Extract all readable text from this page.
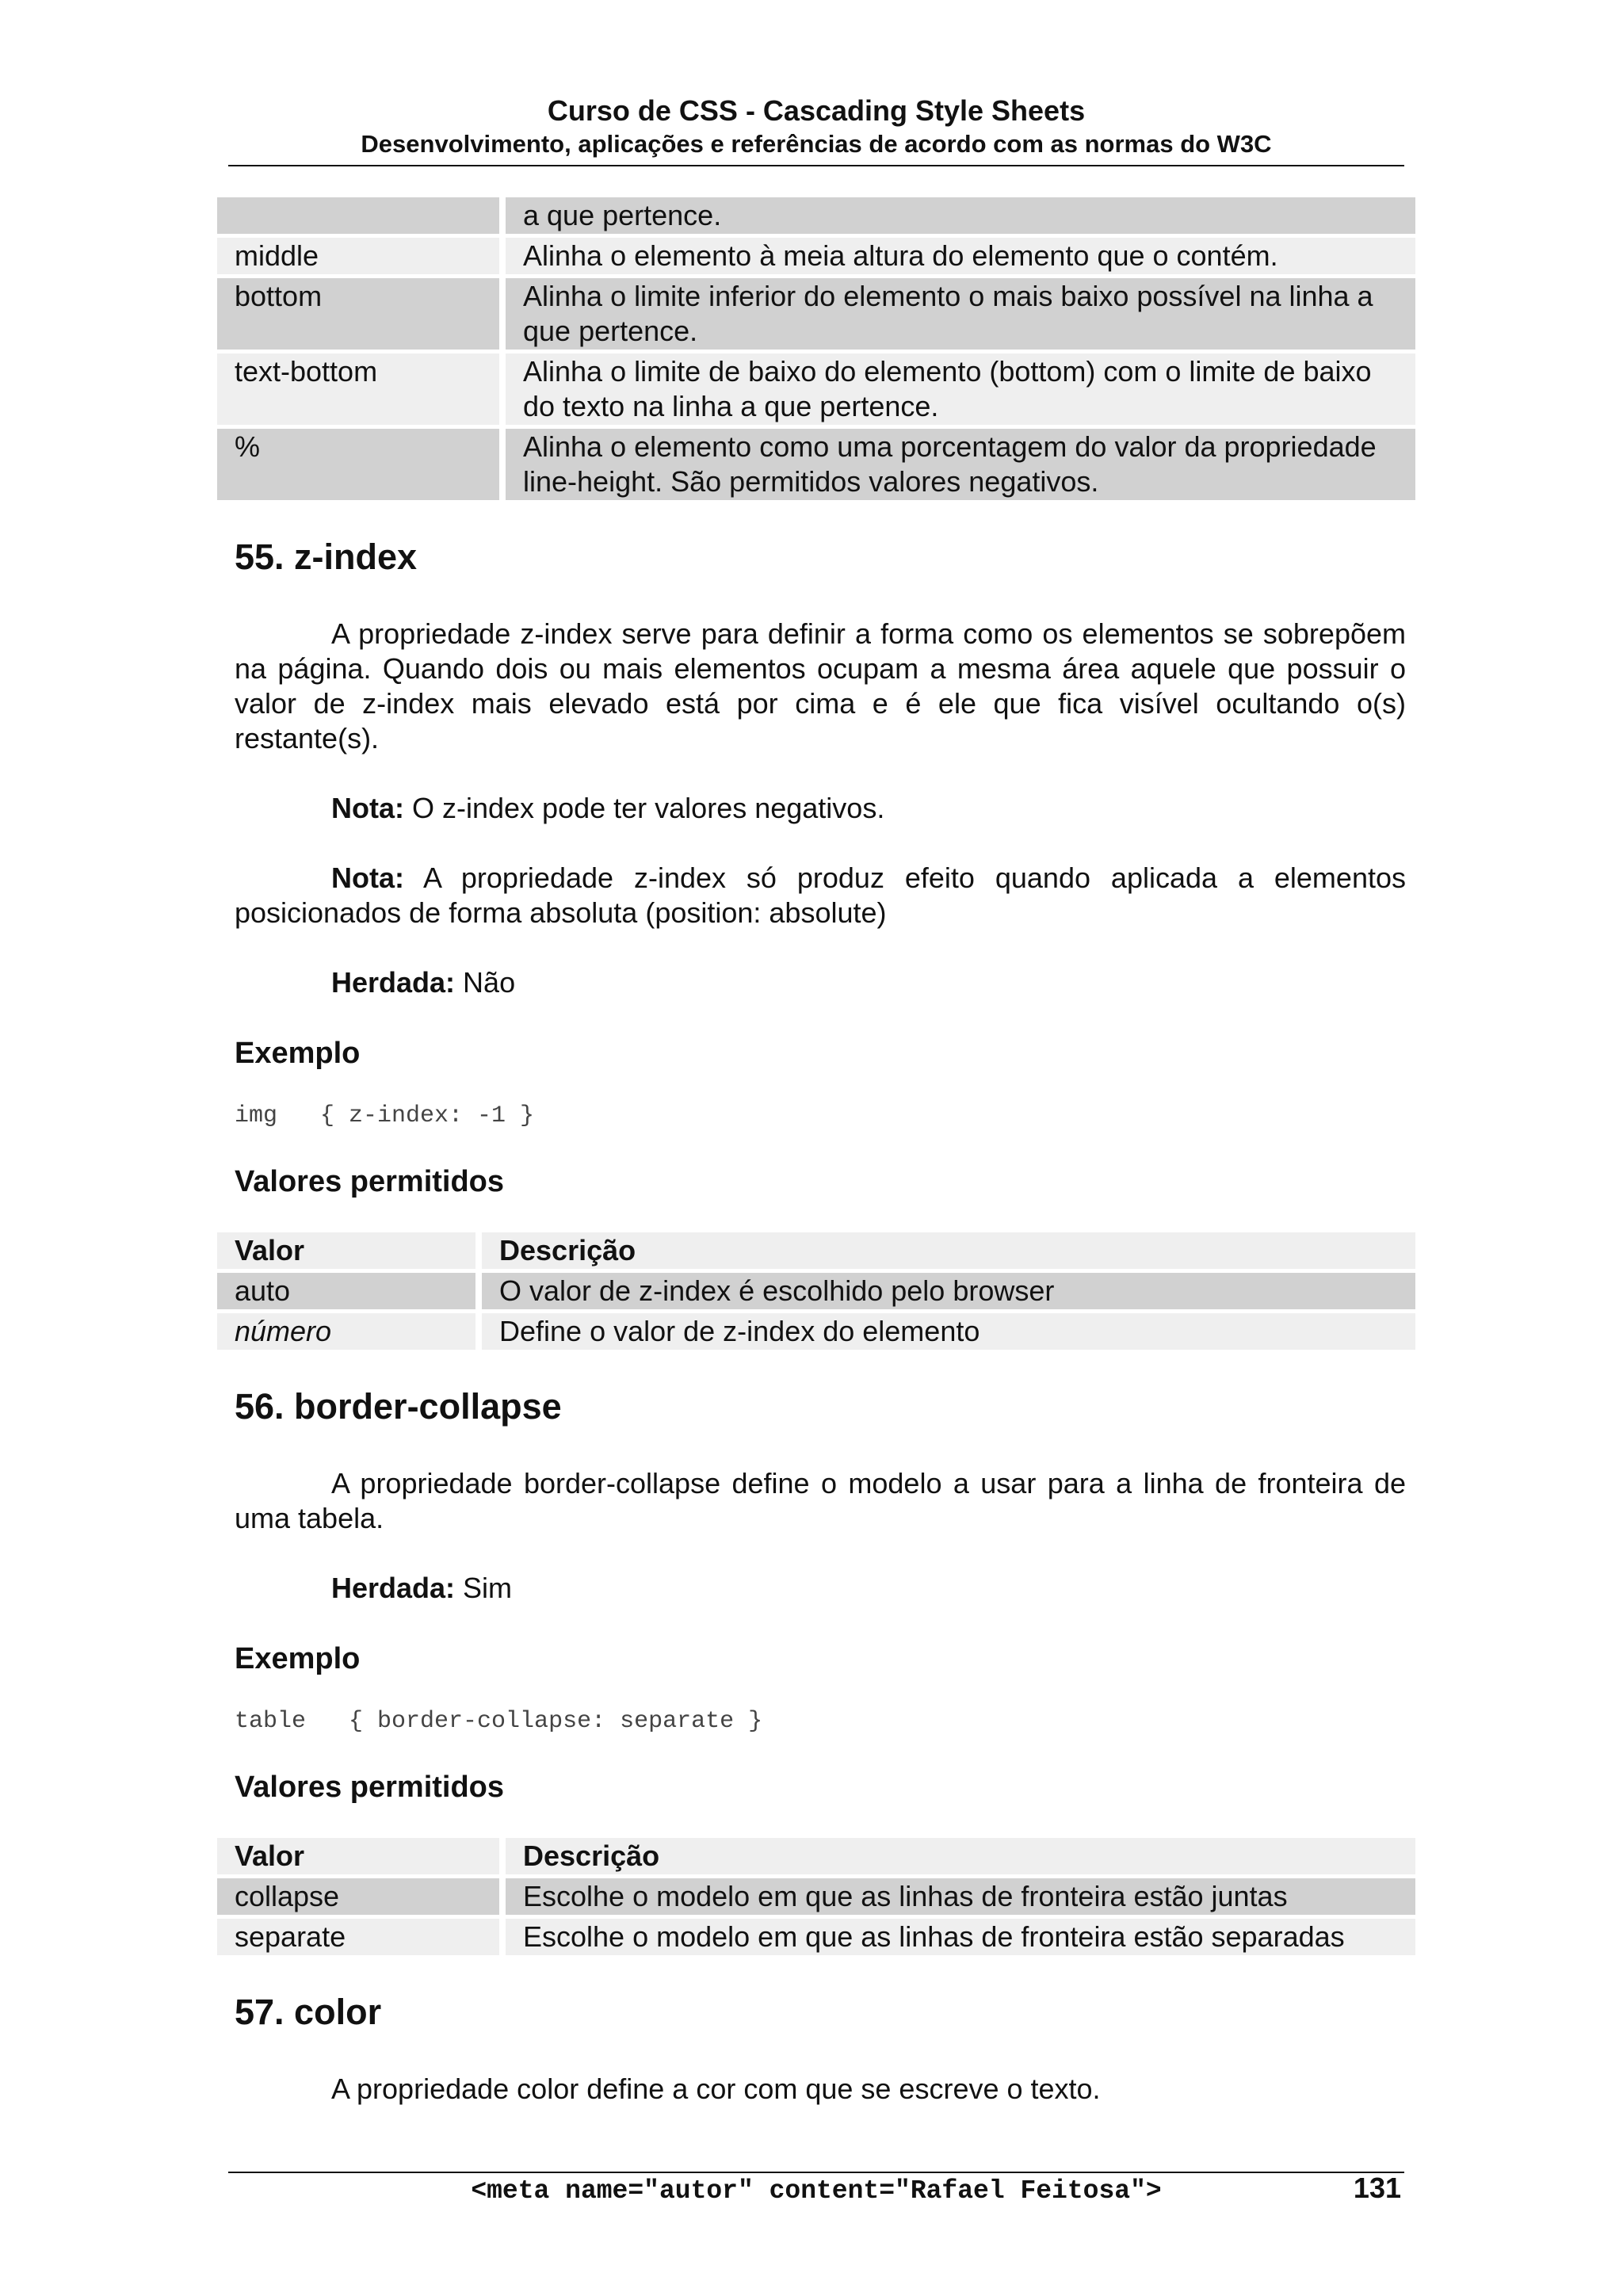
Curso de CSS - Cascading Style Sheets
Desenvolvimento, aplicações e referências de acordo com as normas do W3C
	a que pertence.
middle	Alinha o elemento à meia altura do elemento que o contém.
bottom	Alinha o limite inferior do elemento o mais baixo possível na linha a que pertence.
text-bottom	Alinha o limite de baixo do elemento (bottom) com o limite de baixo do texto na linha a que pertence.
%	Alinha o elemento como uma porcentagem do valor da propriedade line-height. São permitidos valores negativos.
55. z-index

A propriedade z-index serve para definir a forma como os elementos se sobrepõem na página. Quando dois ou mais elementos ocupam a mesma área aquele que possuir o valor de z-index mais elevado está por cima e é ele que fica visível ocultando o(s) restante(s).

Nota: O z-index pode ter valores negativos.

Nota: A propriedade z-index só produz efeito quando aplicada a elementos posicionados de forma absoluta (position: absolute)

Herdada: Não

Exemplo
img   { z-index: -1 }
Valores permitidos
Valor	Descrição
auto	O valor de z-index é escolhido pelo browser
número	Define o valor de z-index do elemento
56. border-collapse

A propriedade border-collapse define o modelo a usar para a linha de fronteira de uma tabela.

Herdada: Sim

Exemplo
table   { border-collapse: separate }
Valores permitidos
Valor	Descrição
collapse	Escolhe o modelo em que as linhas de fronteira estão juntas
separate	Escolhe o modelo em que as linhas de fronteira estão separadas
57. color

A propriedade color define a cor com que se escreve o texto.

<meta name="autor" content="Rafael Feitosa">	131
